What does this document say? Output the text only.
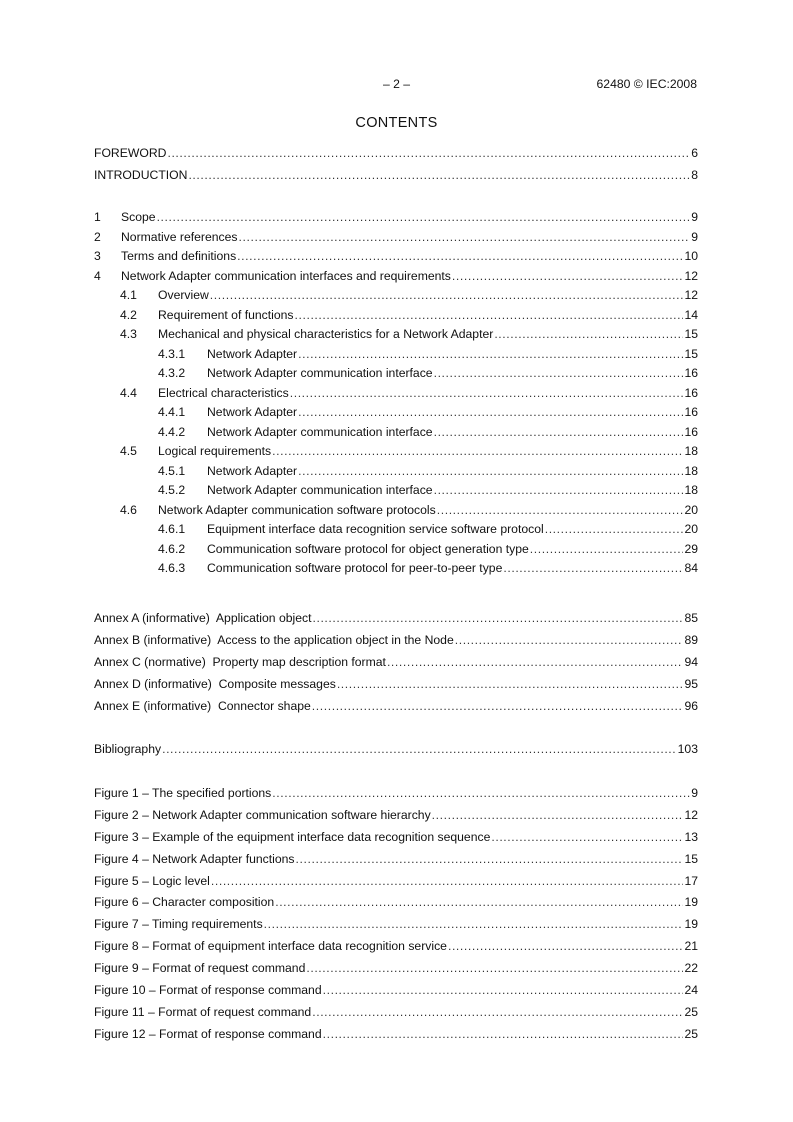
– 2 –	62480 © IEC:2008
CONTENTS
FOREWORD .....	6
INTRODUCTION .....	8
1	Scope .....	9
2	Normative references .....	9
3	Terms and definitions .....	10
4	Network Adapter communication interfaces and requirements .....	12
4.1	Overview .....	12
4.2	Requirement of functions .....	14
4.3	Mechanical and physical characteristics for a Network Adapter .....	15
4.3.1	Network Adapter .....	15
4.3.2	Network Adapter communication interface .....	16
4.4	Electrical characteristics .....	16
4.4.1	Network Adapter .....	16
4.4.2	Network Adapter communication interface .....	16
4.5	Logical requirements .....	18
4.5.1	Network Adapter .....	18
4.5.2	Network Adapter communication interface .....	18
4.6	Network Adapter communication software protocols .....	20
4.6.1	Equipment interface data recognition service software protocol .....	20
4.6.2	Communication software protocol for object generation type .....	29
4.6.3	Communication software protocol for peer-to-peer type .....	84
Annex A (informative)  Application object .....	85
Annex B (informative)  Access to the application object in the Node .....	89
Annex C (normative)  Property map description format .....	94
Annex D (informative)  Composite messages .....	95
Annex E (informative)  Connector shape .....	96
Bibliography .....	103
Figure 1 – The specified portions .....	9
Figure 2 – Network Adapter communication software hierarchy .....	12
Figure 3 – Example of the equipment interface data recognition sequence .....	13
Figure 4 – Network Adapter functions .....	15
Figure 5 – Logic level .....	17
Figure 6 – Character composition .....	19
Figure 7 – Timing requirements .....	19
Figure 8 – Format of equipment interface data recognition service .....	21
Figure 9 – Format of request command .....	22
Figure 10 – Format of response command .....	24
Figure 11 – Format of request command .....	25
Figure 12 – Format of response command .....	25
